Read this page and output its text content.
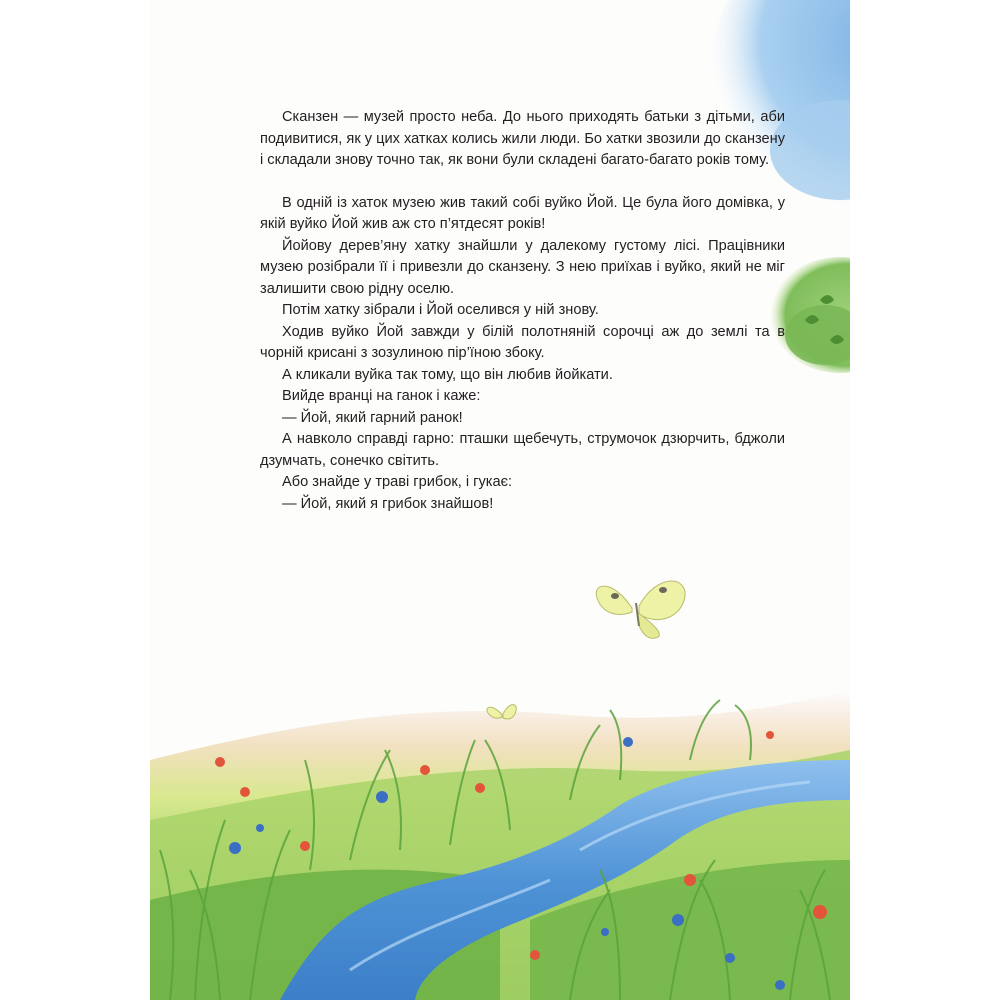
Сканзен — музей просто неба. До нього приходять батьки з дітьми, аби подивитися, як у цих хатках колись жили люди. Бо хатки звозили до сканзену і складали знову точно так, як вони були складені багато-багато років тому.

В одній із хаток музею жив такий собі вуйко Йой. Це була його домівка, у якій вуйко Йой жив аж сто п’ятдесят років!

Йойову дерев’яну хатку знайшли у далекому густому лісі. Працівники музею розібрали її і привезли до сканзену. З нею приїхав і вуйко, який не міг залишити свою рідну оселю.

Потім хатку зібрали і Йой оселився у ній знову.

Ходив вуйко Йой завжди у білій полотняній сорочці аж до землі та в чорній крисані з зозулиною пір’їною збоку.

А кликали вуйка так тому, що він любив йойкати.

Вийде вранці на ганок і каже:

— Йой, який гарний ранок!

А навколо справді гарно: пташки щебечуть, струмочок дзюрчить, бджоли дзумчать, сонечко світить.

Або знайде у траві грибок, і гукає:

— Йой, який я грибок знайшов!
